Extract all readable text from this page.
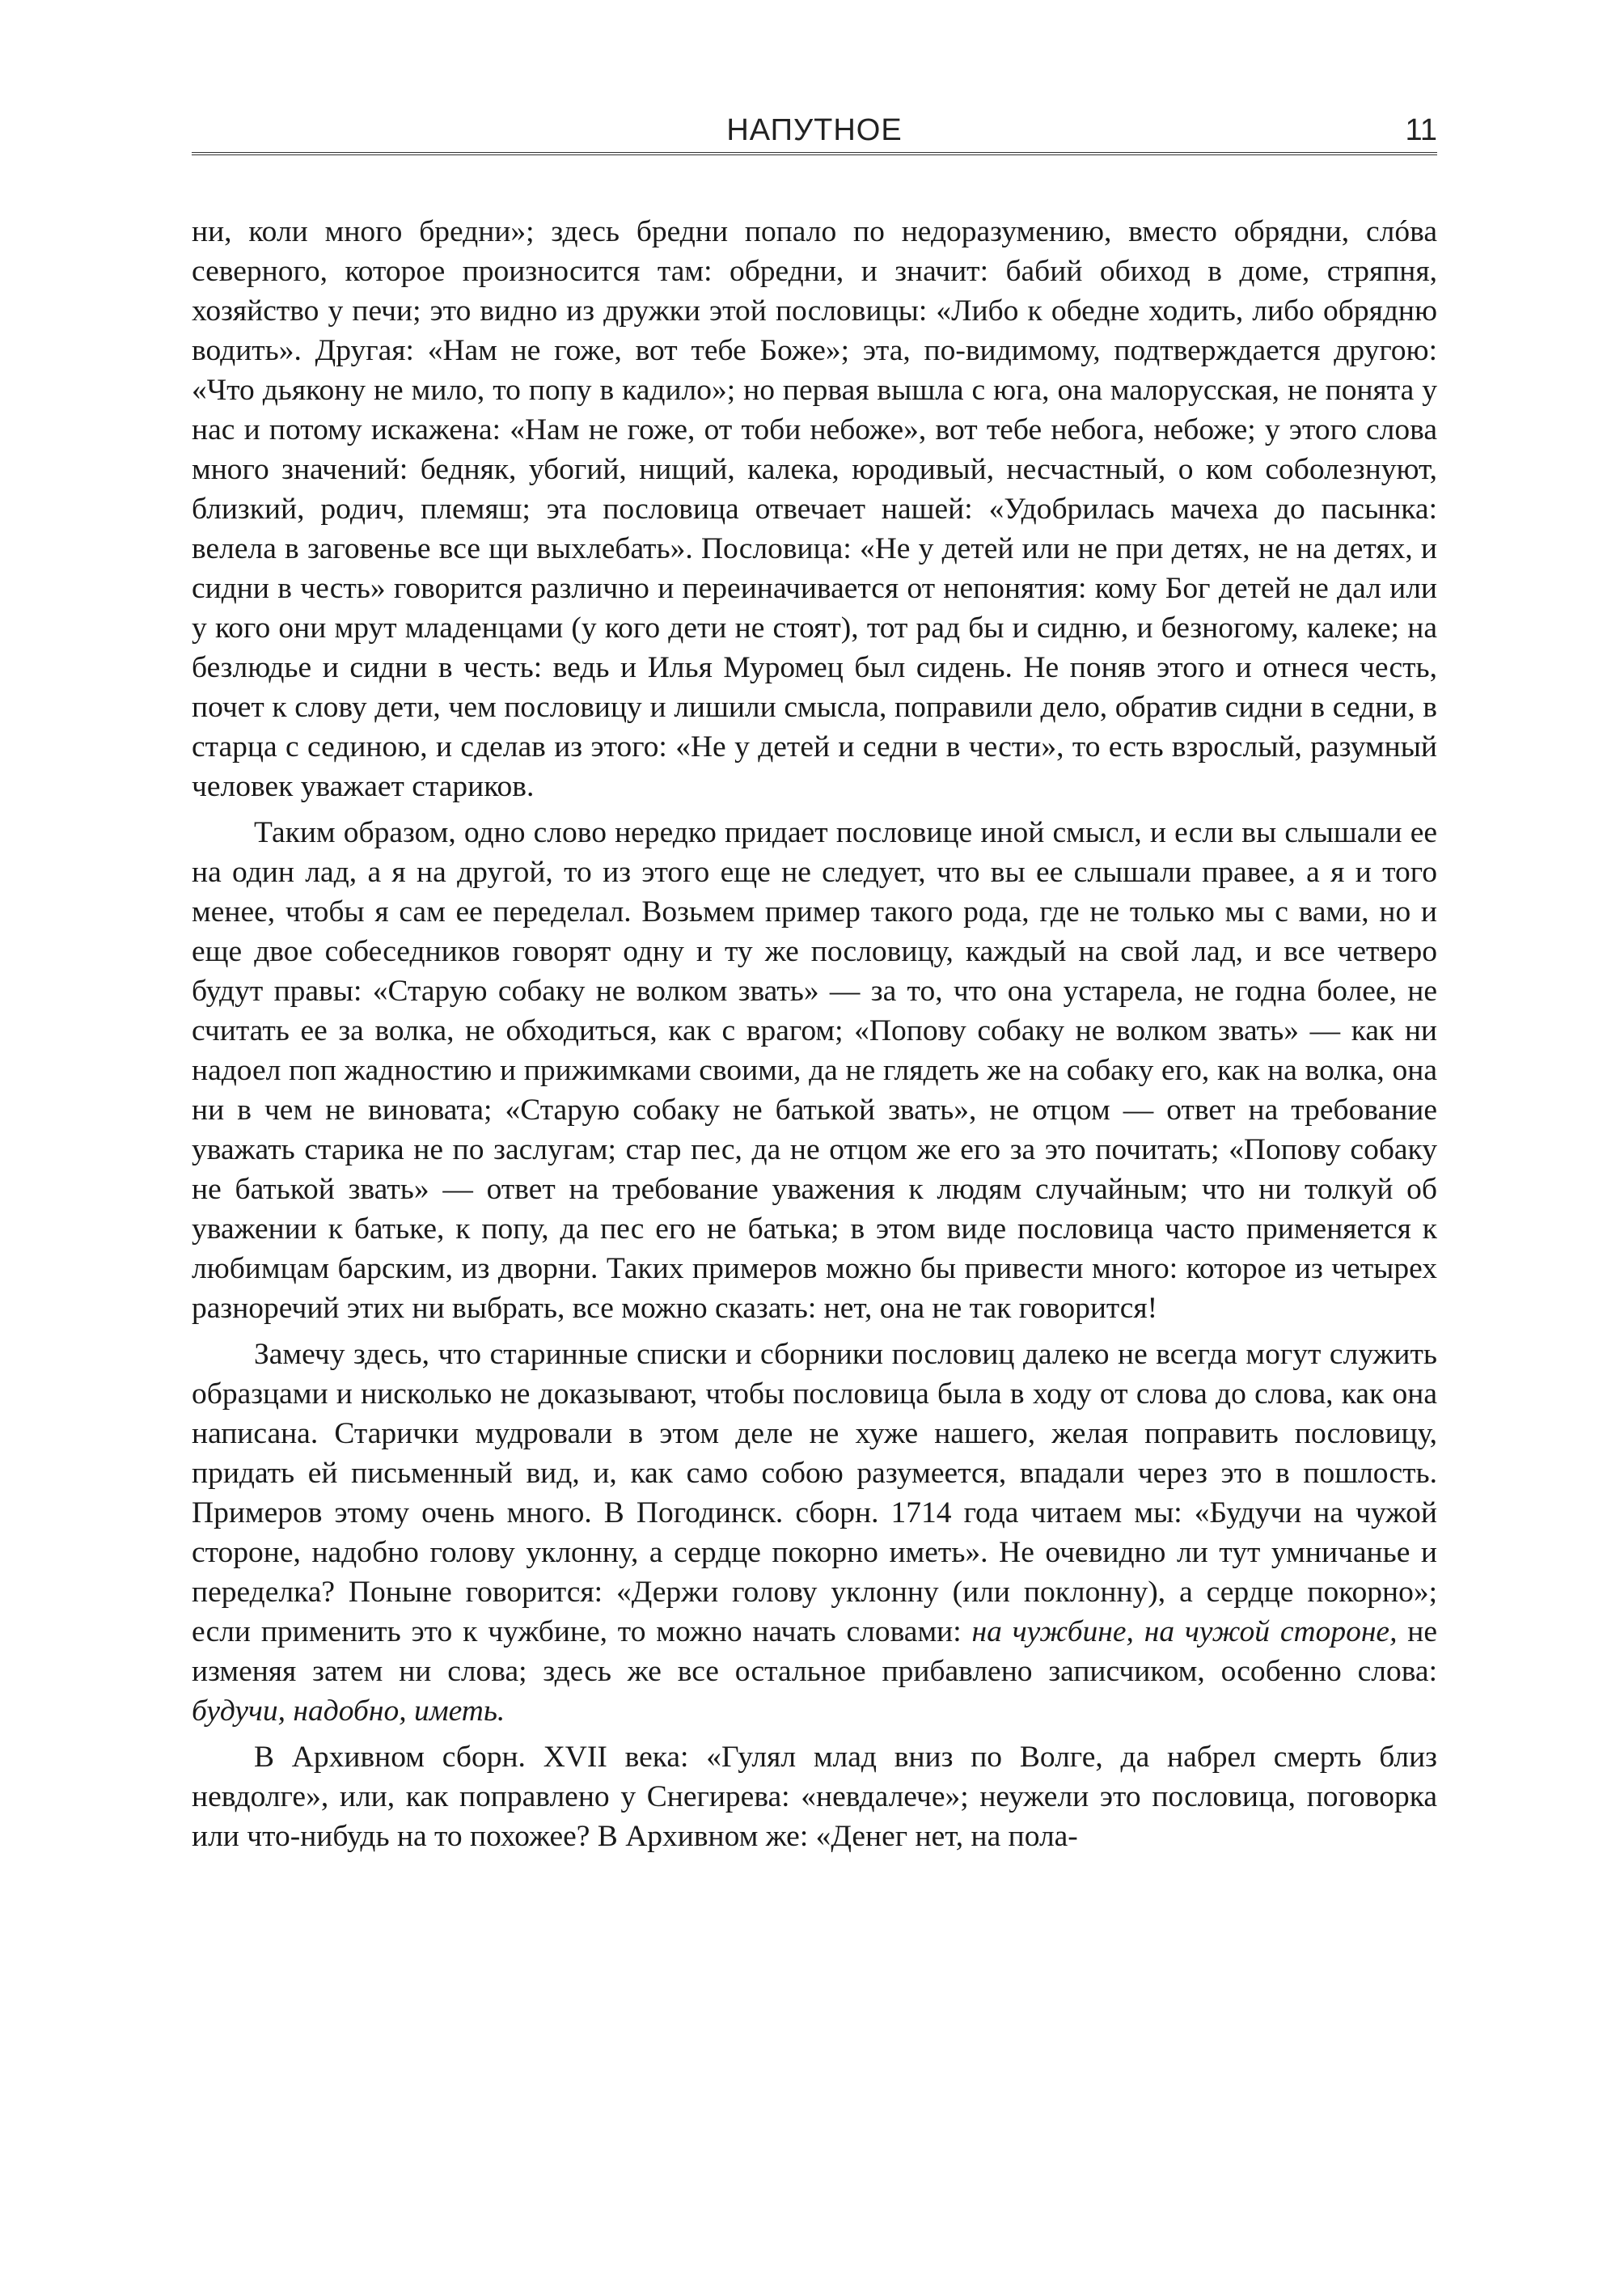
НАПУТНОЕ	11

ни, коли много бредни»; здесь бредни попало по недоразумению, вместо обрядни, слóва северного, которое произносится там: обредни, и значит: бабий обиход в доме, стряпня, хозяйство у печи; это видно из дружки этой пословицы: «Либо к обедне ходить, либо обрядню водить». Другая: «Нам не гоже, вот тебе Боже»; эта, по-видимому, подтверждается другою: «Что дьякону не мило, то попу в кадило»; но первая вышла с юга, она малорусская, не понята у нас и потому искажена: «Нам не гоже, от тоби небоже», вот тебе небога, небоже; у этого слова много значений: бедняк, убогий, нищий, калека, юродивый, несчастный, о ком соболезнуют, близкий, родич, племяш; эта пословица отвечает нашей: «Удобрилась мачеха до пасынка: велела в заговенье все щи выхлебать». Пословица: «Не у детей или не при детях, не на детях, и сидни в честь» говорится различно и переиначивается от непонятия: кому Бог детей не дал или у кого они мрут младенцами (у кого дети не стоят), тот рад бы и сидню, и безногому, калеке; на безлюдье и сидни в честь: ведь и Илья Муромец был сидень. Не поняв этого и отнеся честь, почет к слову дети, чем пословицу и лишили смысла, поправили дело, обратив сидни в седни, в старца с сединою, и сделав из этого: «Не у детей и седни в чести», то есть взрослый, разумный человек уважает стариков.

Таким образом, одно слово нередко придает пословице иной смысл, и если вы слышали ее на один лад, а я на другой, то из этого еще не следует, что вы ее слышали правее, а я и того менее, чтобы я сам ее переделал. Возьмем пример такого рода, где не только мы с вами, но и еще двое собеседников говорят одну и ту же пословицу, каждый на свой лад, и все четверо будут правы: «Старую собаку не волком звать» — за то, что она устарела, не годна более, не считать ее за волка, не обходиться, как с врагом; «Попову собаку не волком звать» — как ни надоел поп жадностию и прижимками своими, да не глядеть же на собаку его, как на волка, она ни в чем не виновата; «Старую собаку не батькой звать», не отцом — ответ на требование уважать старика не по заслугам; стар пес, да не отцом же его за это почитать; «Попову собаку не батькой звать» — ответ на требование уважения к людям случайным; что ни толкуй об уважении к батьке, к попу, да пес его не батька; в этом виде пословица часто применяется к любимцам барским, из дворни. Таких примеров можно бы привести много: которое из четырех разноречий этих ни выбрать, все можно сказать: нет, она не так говорится!

Замечу здесь, что старинные списки и сборники пословиц далеко не всегда могут служить образцами и нисколько не доказывают, чтобы пословица была в ходу от слова до слова, как она написана. Старички мудровали в этом деле не хуже нашего, желая поправить пословицу, придать ей письменный вид, и, как само собою разумеется, впадали через это в пошлость. Примеров этому очень много. В Погодинск. сборн. 1714 года читаем мы: «Будучи на чужой стороне, надобно голову уклонну, а сердце покорно иметь». Не очевидно ли тут умничанье и переделка? Поныне говорится: «Держи голову уклонну (или поклонну), а сердце покорно»; если применить это к чужбине, то можно начать словами: на чужбине, на чужой стороне, не изменяя затем ни слова; здесь же все остальное прибавлено записчиком, особенно слова: будучи, надобно, иметь.

В Архивном сборн. XVII века: «Гулял млад вниз по Волге, да набрел смерть близ невдолге», или, как поправлено у Снегирева: «невдалече»; неужели это пословица, поговорка или что-нибудь на то похожее? В Архивном же: «Денег нет, на пола-
